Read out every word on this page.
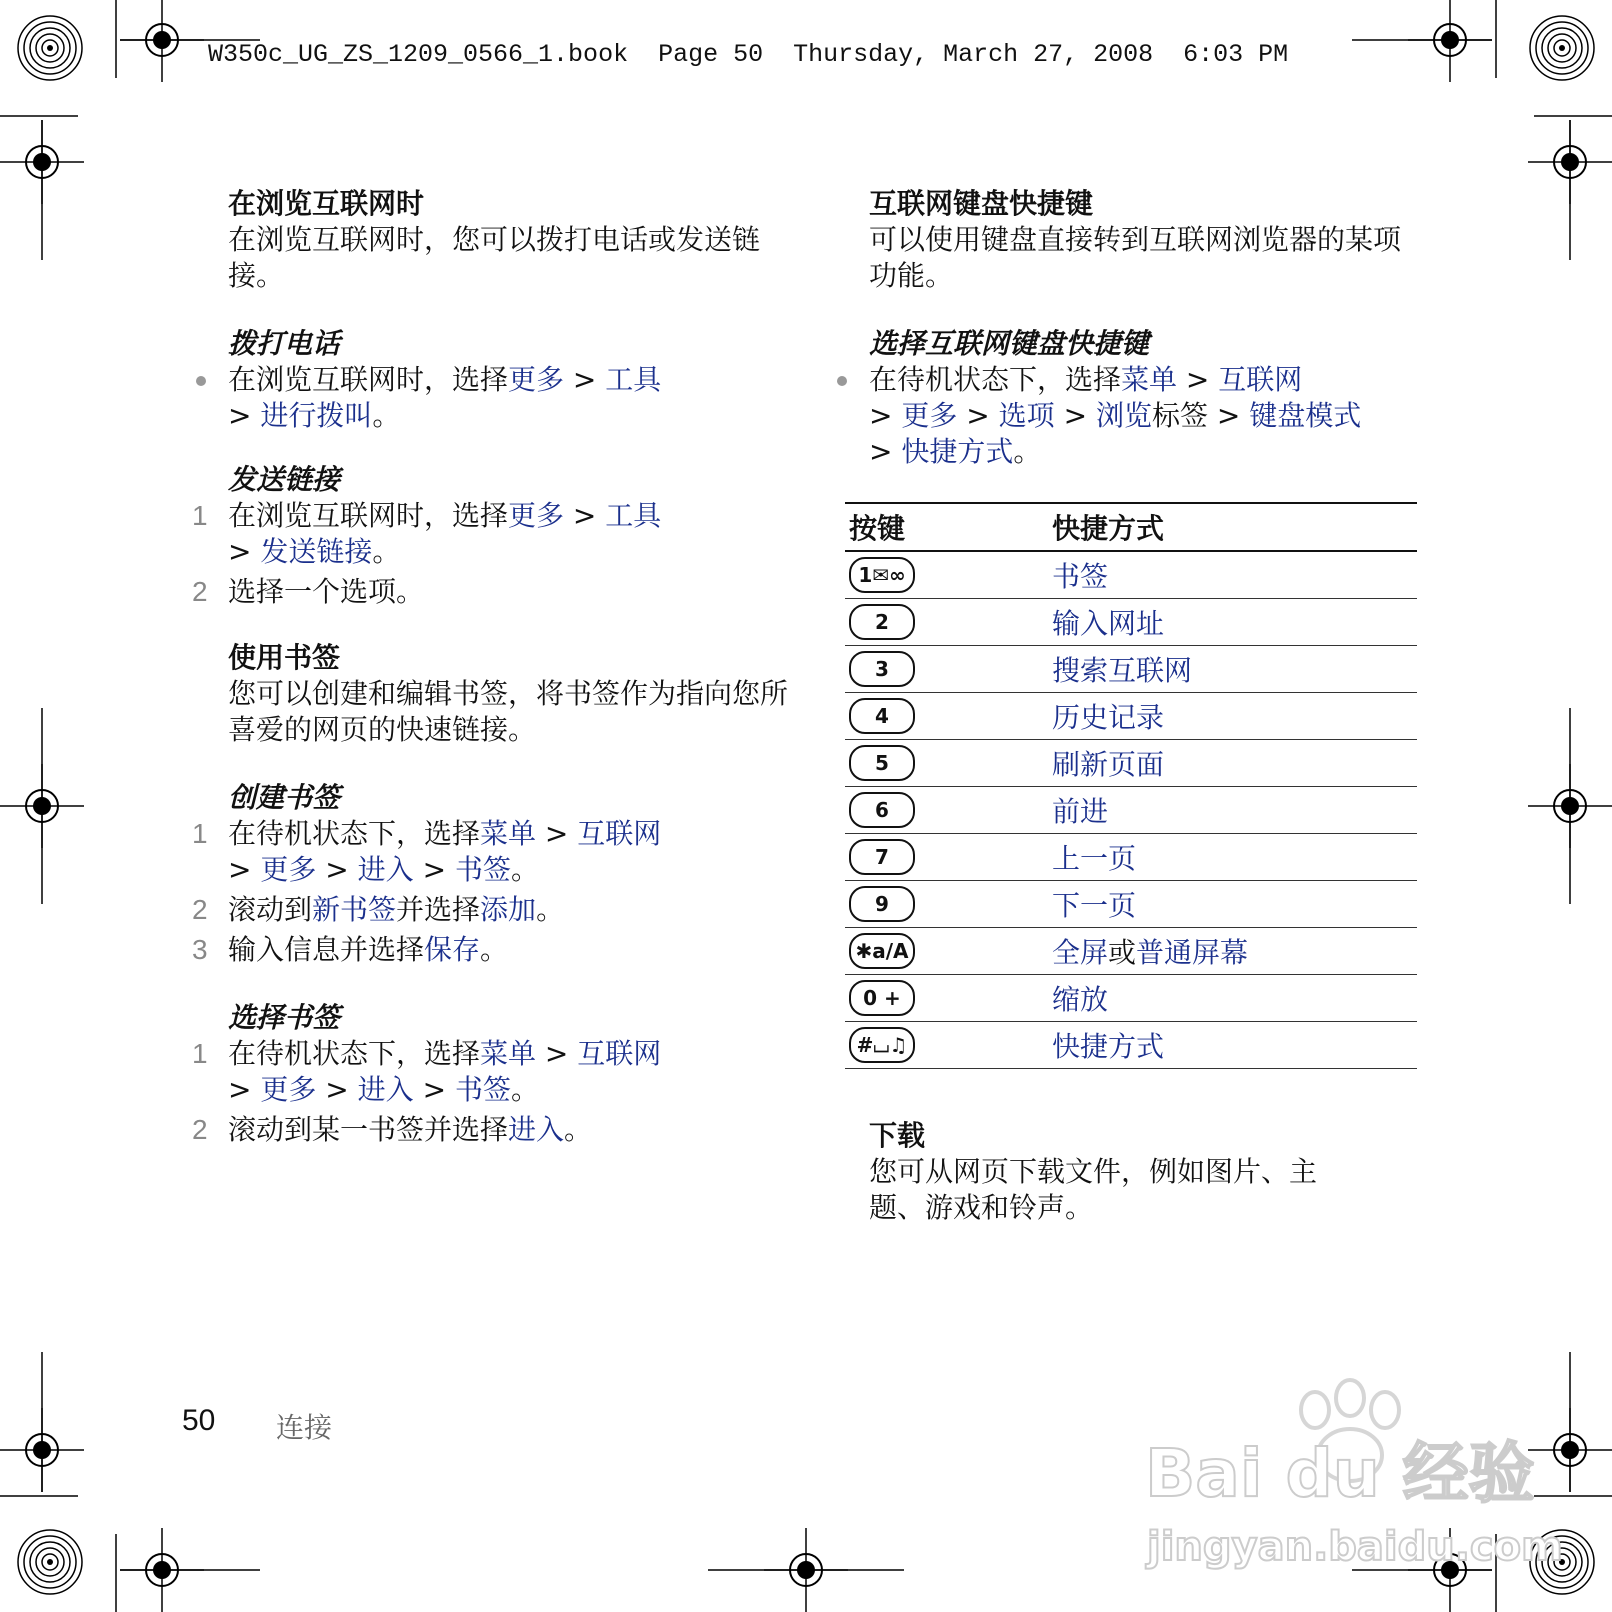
W350c_UG_ZS_1209_0566_1.book  Page 50  Thursday, March 27, 2008  6:03 PM

在浏览互联网时

在浏览互联网时，您可以拨打电话或发送链接。

拨打电话

在浏览互联网时，选择更多 > 工具
> 进行拨叫。

发送链接

1 在浏览互联网时，选择更多 > 工具
> 发送链接。
2 选择一个选项。

使用书签

您可以创建和编辑书签，将书签作为指向您所喜爱的网页的快速链接。

创建书签

1 在待机状态下，选择菜单 > 互联网
> 更多 > 进入 > 书签。
2 滚动到新书签并选择添加。
3 输入信息并选择保存。

选择书签

1 在待机状态下，选择菜单 > 互联网
> 更多 > 进入 > 书签。
2 滚动到某一书签并选择进入。

互联网键盘快捷键

可以使用键盘直接转到互联网浏览器的某项功能。

选择互联网键盘快捷键

在待机状态下，选择菜单 > 互联网
> 更多 > 选项 > 浏览标签 > 键盘模式
> 快捷方式。
按键	快捷方式
1✉∞	书签
2	输入网址
3	搜索互联网
4	历史记录
5	刷新页面
6	前进
7	上一页
9	下一页
✱a/A	全屏或普通屏幕
0 +	缩放
#⌴♫	快捷方式

下载

您可从网页下载文件，例如图片、主题、游戏和铃声。

50 连接
Bai du 经验
jingyan.baidu.com
